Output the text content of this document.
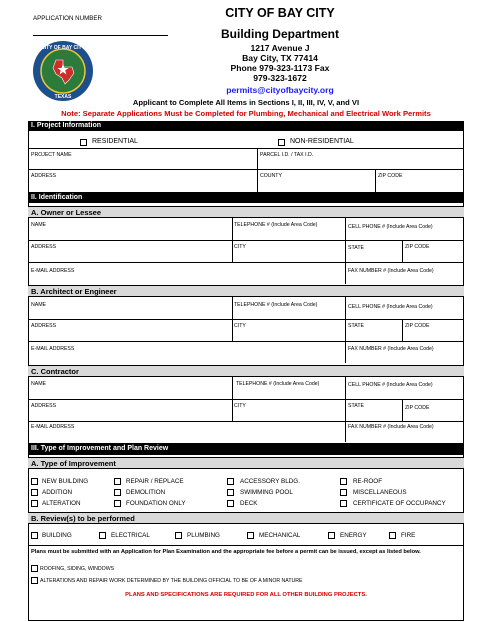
APPLICATION NUMBER
CITY OF BAY CITY
TEXAS
CITY OF BAY CITY
Building Department
1217 Avenue J
Bay City, TX 77414
Phone 979-323-1173 Fax
979-323-1672
permits@cityofbaycity.org
Applicant to Complete All Items in Sections I, II, III, IV, V, and VI
Note: Separate Applications Must be Completed for Plumbing, Mechanical and Electrical Work Permits
I. Project Information
RESIDENTIAL	NON-RESIDENTIAL
PROJECT NAME	PARCEL I.D. / TAX I.D.
ADDRESS	COUNTY	ZIP CODE
II. Identification
A. Owner or Lessee
NAME	TELEPHONE # (Include Area Code)	CELL PHONE # (Include Area Code)
ADDRESS	CITY	STATE	ZIP CODE
E-MAIL ADDRESS	FAX NUMBER # (Include Area Code)
B. Architect or Engineer
NAME	TELEPHONE # (Include Area Code)	CELL PHONE # (Include Area Code)
ADDRESS	CITY	STATE	ZIP CODE
E-MAIL ADDRESS	FAX NUMBER # (Include Area Code)
C. Contractor
NAME	TELEPHONE # (Include Area Code)	CELL PHONE # (Include Area Code)
ADDRESS	CITY	STATE	ZIP CODE
E-MAIL ADDRESS	FAX NUMBER # (Include Area Code)
III. Type of Improvement and Plan Review
A. Type of Improvement
NEW BUILDING	REPAIR / REPLACE	ACCESSORY BLDG.	RE-ROOF
ADDITION	DEMOLITION	SWIMMING POOL	MISCELLANEOUS
ALTERATION	FOUNDATION ONLY	DECK	CERTIFICATE OF OCCUPANCY
B. Review(s) to be performed
BUILDING	ELECTRICAL	PLUMBING	MECHANICAL	ENERGY	FIRE
Plans must be submitted with an Application for Plan Examination and the appropriate fee before a permit can be issued, except as listed below.
ROOFING, SIDING, WINDOWS
ALTERATIONS AND REPAIR WORK DETERMINED BY THE BUILDING OFFICIAL TO BE OF A MINOR NATURE
PLANS AND SPECIFICATIONS ARE REQUIRED FOR ALL OTHER BUILDING PROJECTS.
